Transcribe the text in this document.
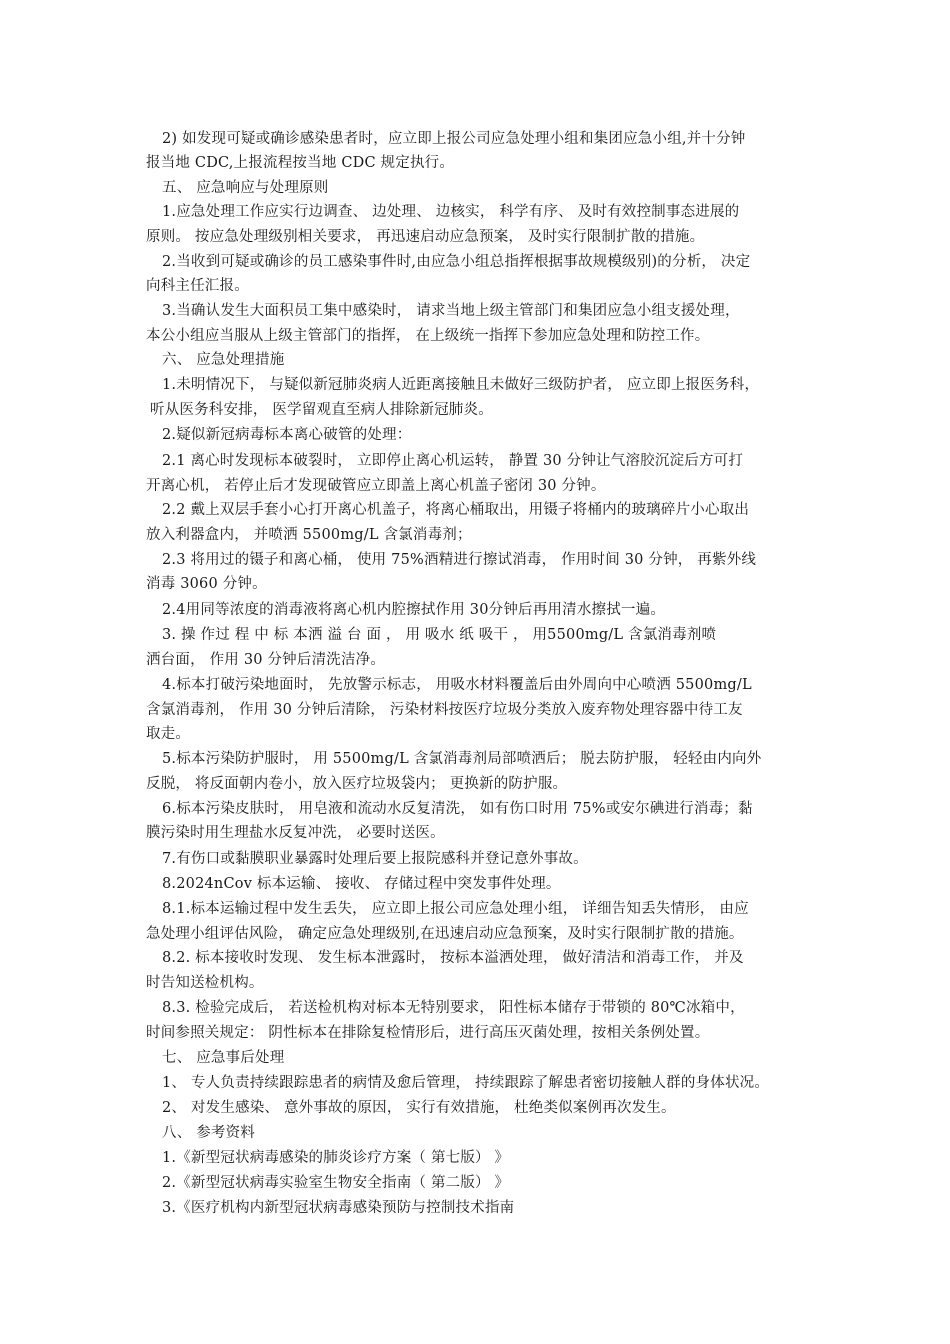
2) 如发现可疑或确诊感染患者时，应立即上报公司应急处理小组和集团应急小组,并十分钟
报当地 CDC,上报流程按当地 CDC 规定执行。
五、 应急响应与处理原则
1.应急处理工作应实行边调查、 边处理、 边核实， 科学有序、 及时有效控制事态进展的
原则。 按应急处理级别相关要求， 再迅速启动应急预案， 及时实行限制扩散的措施。
2.当收到可疑或确诊的员工感染事件时,由应急小组总指挥根据事故规模级别)的分析， 决定
向科主任汇报。
3.当确认发生大面积员工集中感染时， 请求当地上级主管部门和集团应急小组支援处理，
本公小组应当服从上级主管部门的指挥， 在上级统一指挥下参加应急处理和防控工作。
六、 应急处理措施
1.未明情况下， 与疑似新冠肺炎病人近距离接触且未做好三级防护者， 应立即上报医务科，
听从医务科安排， 医学留观直至病人排除新冠肺炎。
2.疑似新冠病毒标本离心破管的处理：
2.1 离心时发现标本破裂时， 立即停止离心机运转， 静置 30 分钟让气溶胶沉淀后方可打
开离心机， 若停止后才发现破管应立即盖上离心机盖子密闭 30 分钟。
2.2 戴上双层手套小心打开离心机盖子，将离心桶取出，用镊子将桶内的玻璃碎片小心取出
放入利器盒内， 并喷洒 5500mg/L 含氯消毒剂；
2.3 将用过的镊子和离心桶， 使用 75%酒精进行擦试消毒， 作用时间 30 分钟， 再紫外线
消毒 3060 分钟。
2.4用同等浓度的消毒液将离心机内腔擦拭作用 30分钟后再用清水擦拭一遍。
3. 操 作过 程 中 标 本洒 溢 台 面 ， 用 吸水 纸 吸干 ， 用5500mg/L 含氯消毒剂喷
洒台面， 作用 30 分钟后清洗洁净。
4.标本打破污染地面时， 先放警示标志， 用吸水材料覆盖后由外周向中心喷洒 5500mg/L
含氯消毒剂， 作用 30 分钟后清除， 污染材料按医疗垃圾分类放入废弃物处理容器中待工友
取走。
5.标本污染防护服时， 用 5500mg/L 含氯消毒剂局部喷洒后； 脱去防护服， 轻轻由内向外
反脱， 将反面朝内卷小，放入医疗垃圾袋内； 更换新的防护服。
6.标本污染皮肤时， 用皂液和流动水反复清洗， 如有伤口时用 75%或安尔碘进行消毒；黏
膜污染时用生理盐水反复冲洗， 必要时送医。
7.有伤口或黏膜职业暴露时处理后要上报院感科并登记意外事故。
8.2024nCov 标本运输、 接收、 存储过程中突发事件处理。
8.1.标本运输过程中发生丢失， 应立即上报公司应急处理小组， 详细告知丢失情形， 由应
急处理小组评估风险， 确定应急处理级别,在迅速启动应急预案，及时实行限制扩散的措施。
8.2. 标本接收时发现、 发生标本泄露时， 按标本溢洒处理， 做好清洁和消毒工作， 并及
时告知送检机构。
8.3. 检验完成后， 若送检机构对标本无特别要求， 阳性标本储存于带锁的 80℃冰箱中，
时间参照关规定： 阴性标本在排除复检情形后，进行高压灭菌处理，按相关条例处置。
七、 应急事后处理
1、 专人负责持续跟踪患者的病情及愈后管理， 持续跟踪了解患者密切接触人群的身体状况。
2、 对发生感染、 意外事故的原因， 实行有效措施， 杜绝类似案例再次发生。
八、 参考资料
1.《新型冠状病毒感染的肺炎诊疗方案（ 第七版） 》
2.《新型冠状病毒实验室生物安全指南（ 第二版） 》
3.《医疗机构内新型冠状病毒感染预防与控制技术指南
